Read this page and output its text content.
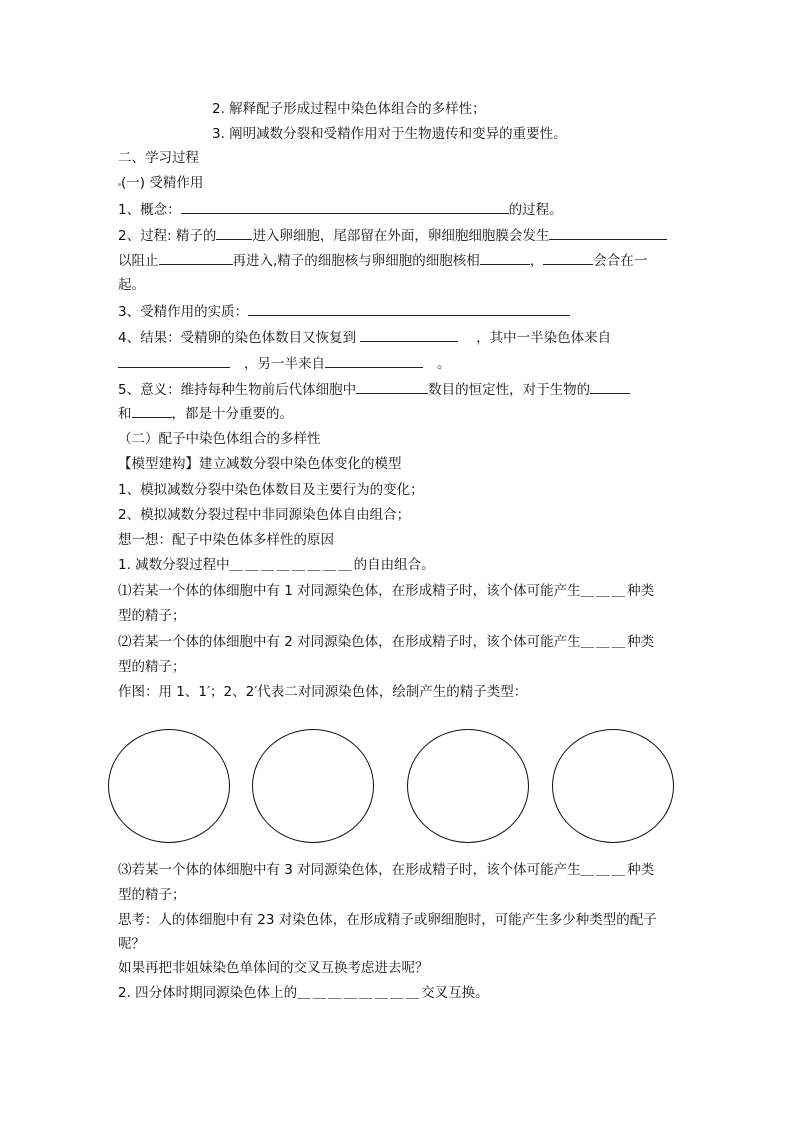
2. 解释配子形成过程中染色体组合的多样性；
3. 阐明减数分裂和受精作用对于生物遗传和变异的重要性。
二、学习过程
(一) 受精作用
1、概念：	的过程。
2、过程: 精子的	进入卵细胞，尾部留在外面，卵细胞细胞膜会发生
以阻止	再进入,精子的细胞核与卵细胞的细胞核相	，	会合在一
起。
3、受精作用的实质：
4、结果：受精卵的染色体数目又恢复到	，其中一半染色体来自
，另一半来自	。
5、意义：维持每种生物前后代体细胞中	数目的恒定性，对于生物的
和	，都是十分重要的。
（二）配子中染色体组合的多样性
【模型建构】建立减数分裂中染色体变化的模型
1、模拟减数分裂中染色体数目及主要行为的变化；
2、模拟减数分裂过程中非同源染色体自由组合；
想一想：配子中染色体多样性的原因
1. 减数分裂过程中＿＿＿＿＿＿＿＿的自由组合。
⑴若某一个体的体细胞中有 1 对同源染色体，在形成精子时，该个体可能产生＿＿＿种类
型的精子；
⑵若某一个体的体细胞中有 2 对同源染色体，在形成精子时，该个体可能产生＿＿＿种类
型的精子；
作图：用 1、1′；2、2′代表二对同源染色体，绘制产生的精子类型：
⑶若某一个体的体细胞中有 3 对同源染色体，在形成精子时，该个体可能产生＿＿＿种类
型的精子；
思考：人的体细胞中有 23 对染色体，在形成精子或卵细胞时，可能产生多少种类型的配子
呢？
如果再把非姐妹染色单体间的交叉互换考虑进去呢？
2. 四分体时期同源染色体上的＿＿＿＿＿＿＿＿交叉互换。
